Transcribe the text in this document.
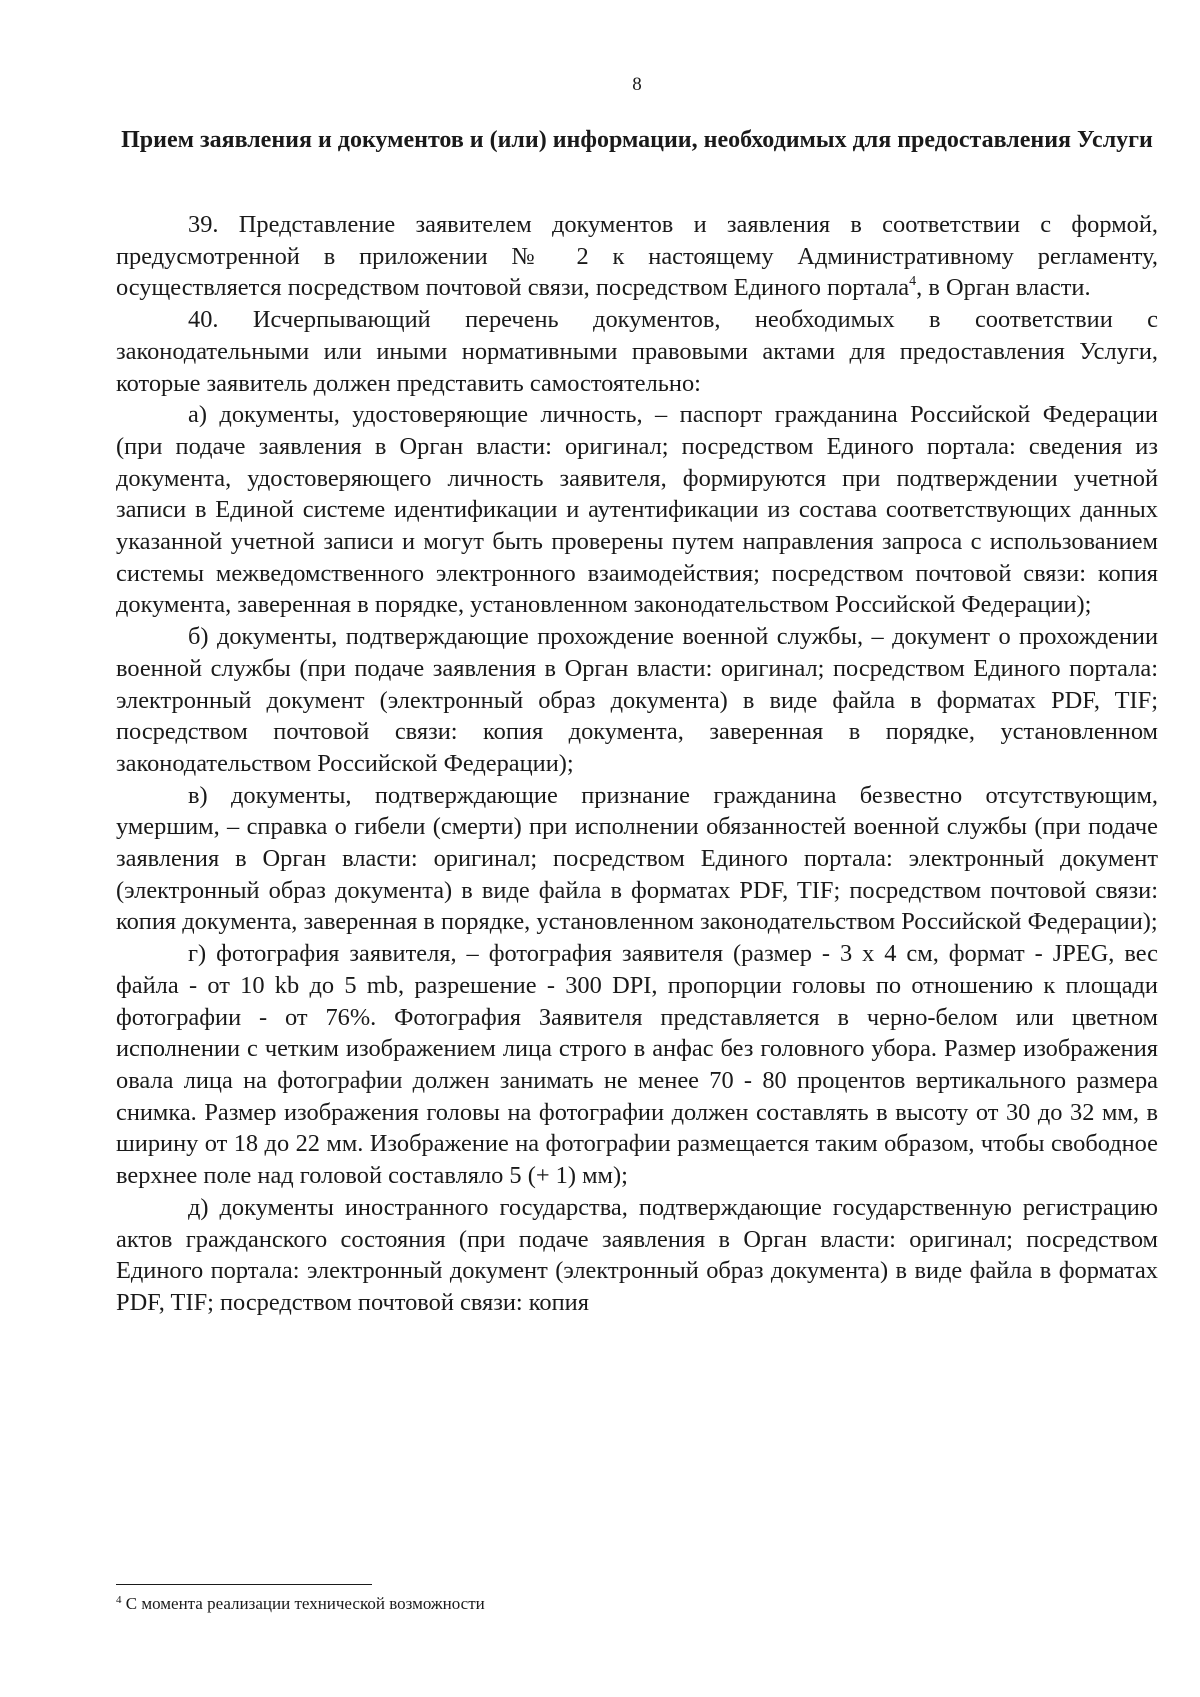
8
Прием заявления и документов и (или) информации, необходимых для предоставления Услуги

39. Представление заявителем документов и заявления в соответствии с формой, предусмотренной в приложении № 2 к настоящему Административному регламенту, осуществляется посредством почтовой связи, посредством Единого портала$^4$, в Орган власти.

40. Исчерпывающий перечень документов, необходимых в соответствии с законодательными или иными нормативными правовыми актами для предоставления Услуги, которые заявитель должен представить самостоятельно:

а) документы, удостоверяющие личность, – паспорт гражданина Российской Федерации (при подаче заявления в Орган власти: оригинал; посредством Единого портала: сведения из документа, удостоверяющего личность заявителя, формируются при подтверждении учетной записи в Единой системе идентификации и аутентификации из состава соответствующих данных указанной учетной записи и могут быть проверены путем направления запроса с использованием системы межведомственного электронного взаимодействия; посредством почтовой связи: копия документа, заверенная в порядке, установленном законодательством Российской Федерации);

б) документы, подтверждающие прохождение военной службы, – документ о прохождении военной службы (при подаче заявления в Орган власти: оригинал; посредством Единого портала: электронный документ (электронный образ документа) в виде файла в форматах PDF, TIF; посредством почтовой связи: копия документа, заверенная в порядке, установленном законодательством Российской Федерации);

в) документы, подтверждающие признание гражданина безвестно отсутствующим, умершим, – справка о гибели (смерти) при исполнении обязанностей военной службы (при подаче заявления в Орган власти: оригинал; посредством Единого портала: электронный документ (электронный образ документа) в виде файла в форматах PDF, TIF; посредством почтовой связи: копия документа, заверенная в порядке, установленном законодательством Российской Федерации);

г) фотография заявителя, – фотография заявителя (размер - 3 х 4 см, формат - JPEG, вес файла - от 10 kb до 5 mb, разрешение - 300 DPI, пропорции головы по отношению к площади фотографии - от 76%. Фотография Заявителя представляется в черно-белом или цветном исполнении с четким изображением лица строго в анфас без головного убора. Размер изображения овала лица на фотографии должен занимать не менее 70 - 80 процентов вертикального размера снимка. Размер изображения головы на фотографии должен составлять в высоту от 30 до 32 мм, в ширину от 18 до 22 мм. Изображение на фотографии размещается таким образом, чтобы свободное верхнее поле над головой составляло 5 (+ 1) мм);

д) документы иностранного государства, подтверждающие государственную регистрацию актов гражданского состояния (при подаче заявления в Орган власти: оригинал; посредством Единого портала: электронный документ (электронный образ документа) в виде файла в форматах PDF, TIF; посредством почтовой связи: копия

$^4$ С момента реализации технической возможности
